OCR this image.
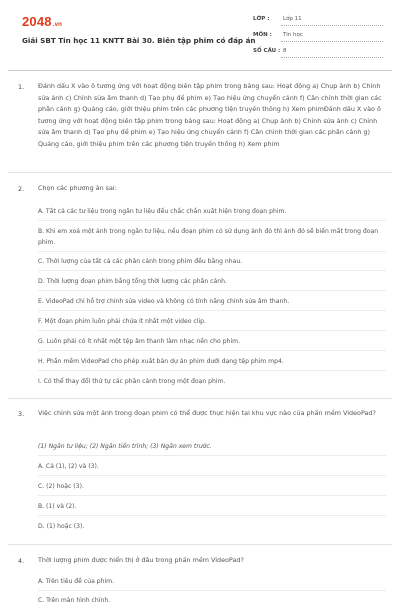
2048.vn
Giải SBT Tin học 11 KNTT Bài 30. Biên tập phim có đáp án
LỚP : Lớp 11
MÔN : Tin học
SỐ CÂU : 8
1. Đánh dấu X vào ô tương ứng với hoạt động biên tập phim trong bảng sau: Hoạt động a) Chụp ảnh b) Chỉnh sửa ảnh c) Chỉnh sửa âm thanh d) Tạo phụ đề phim e) Tạo hiệu ứng chuyển cảnh f) Cân chỉnh thời gian các phân cảnh g) Quảng cáo, giới thiệu phim trên các phương tiện truyền thông h) Xem phimĐánh dấu X vào ô tương ứng với hoạt động biên tập phim trong bảng sau: Hoạt động a) Chụp ảnh b) Chỉnh sửa ảnh c) Chỉnh sửa âm thanh d) Tạo phụ đề phim e) Tạo hiệu ứng chuyển cảnh f) Cân chỉnh thời gian các phân cảnh g) Quảng cáo, giới thiệu phim trên các phương tiện truyền thông h) Xem phim
2. Chọn các phương án sai:
A. Tất cả các tư liệu trong ngăn tư liệu đều chắc chắn xuất hiện trong đoạn phim.
B. Khi em xoá một ảnh trong ngăn tư liệu, nếu đoạn phim có sử dụng ảnh đó thì ảnh đó sẽ biến mất trong đoạn phim.
C. Thời lượng của tất cả các phân cảnh trong phim đều bằng nhau.
D. Thời lượng đoạn phim bằng tổng thời lượng các phân cảnh.
E. VideoPad chỉ hỗ trợ chỉnh sửa video và không có tính năng chỉnh sửa âm thanh.
F. Một đoạn phim luôn phải chứa ít nhất một video clip.
G. Luôn phải có ít nhất một tệp âm thanh làm nhạc nền cho phim.
H. Phần mềm VideoPad cho phép xuất bản dự án phim dưới dạng tệp phim mp4.
I. Có thể thay đổi thứ tự các phân cảnh trong một đoạn phim.
3. Việc chỉnh sửa một ảnh trong đoạn phim có thể được thực hiện tại khu vực nào của phần mềm VideoPad?
(1) Ngăn tư liệu; (2) Ngăn tiến trình; (3) Ngăn xem trước.
A. Cả (1), (2) và (3).
C. (2) hoặc (3).
B. (1) và (2).
D. (1) hoặc (3).
4. Thời lượng phim được hiển thị ở đâu trong phần mềm VideoPad?
A. Trên tiêu đề của phim.
C. Trên màn hình chính.
